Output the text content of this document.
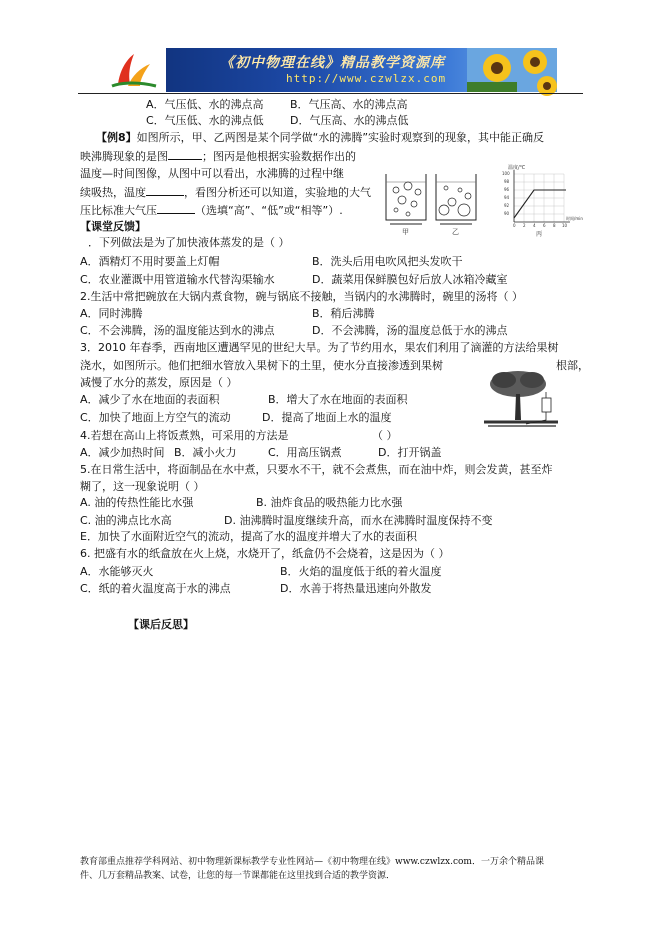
《初中物理在线》精品教学资源库
http://www.czwlzx.com
A．气压低、水的沸点高 B．气压高、水的沸点高
C．气压低、水的沸点低 D．气压高、水的沸点低
【例8】如图所示，甲、乙两图是某个同学做“水的沸腾”实验时观察到的现象，其中能正确反
映沸腾现象的是图	；图丙是他根据实验数据作出的
温度—时间图像，从图中可以看出，水沸腾的过程中继
续吸热，温度	，看图分析还可以知道，实验地的大气
压比标准大气压	（选填“高”、“低”或“相等”）.
甲	乙
温度/℃
100
98
96
94
92
90
0 2 4 6 8 10
时间/min
丙
【课堂反馈】
．下列做法是为了加快液体蒸发的是（ ）
A．酒精灯不用时要盖上灯帽	B．洗头后用电吹风把头发吹干
C．农业灌溉中用管道输水代替沟渠输水	D．蔬菜用保鲜膜包好后放人冰箱冷藏室
2.生活中常把碗放在大锅内煮食物，碗与锅底不接触，当锅内的水沸腾时，碗里的汤将（ ）
A．同时沸腾	B．稍后沸腾
C．不会沸腾，汤的温度能达到水的沸点	D．不会沸腾，汤的温度总低于水的沸点
3．2010 年春季，西南地区遭遇罕见的世纪大旱。为了节约用水，果农们利用了滴灌的方法给果树
浇水，如图所示。他们把细水管放入果树下的土里，使水分直接渗透到果树	根部，
减慢了水分的蒸发，原因是（ ）
A．减少了水在地面的表面积	B．增大了水在地面的表面积
C．加快了地面上方空气的流动	D．提高了地面上水的温度
4.若想在高山上将饭煮熟，可采用的方法是	（ ）
A．减少加热时间 B．减小火力	C．用高压锅煮	D．打开锅盖
5.在日常生活中，将面制品在水中煮，只要水不干，就不会煮焦，而在油中炸，则会发黄，甚至炸
糊了，这一现象说明（ ）
A. 油的传热性能比水强	B. 油炸食品的吸热能力比水强
C. 油的沸点比水高	D. 油沸腾时温度继续升高，而水在沸腾时温度保持不变
E．加快了水面附近空气的流动，提高了水的温度并增大了水的表面积
6. 把盛有水的纸盒放在火上烧，水烧开了，纸盒仍不会烧着，这是因为（ ）
A．水能够灭火	B．火焰的温度低于纸的着火温度
C．纸的着火温度高于水的沸点	D．水善于将热量迅速向外散发
【课后反思】
教育部重点推荐学科网站、初中物理新课标教学专业性网站—《初中物理在线》www.czwlzx.com．一万余个精品课
件、几万套精品教案、试卷，让您的每一节课都能在这里找到合适的教学资源．
